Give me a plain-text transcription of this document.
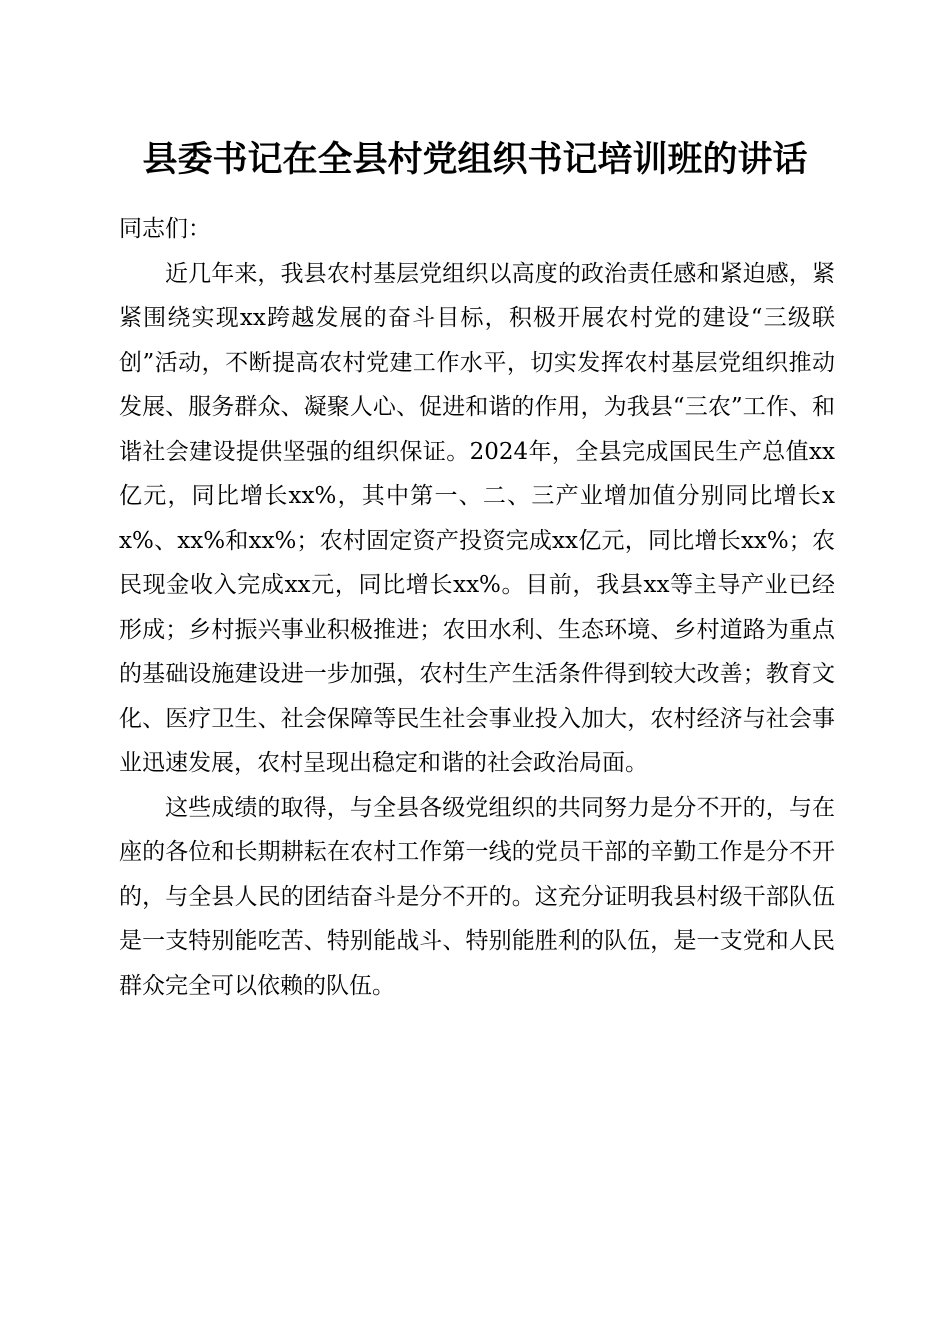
县委书记在全县村党组织书记培训班的讲话

同志们：

近几年来，我县农村基层党组织以高度的政治责任感和紧迫感，紧紧围绕实现xx跨越发展的奋斗目标，积极开展农村党的建设“三级联创”活动，不断提高农村党建工作水平，切实发挥农村基层党组织推动发展、服务群众、凝聚人心、促进和谐的作用，为我县“三农”工作、和谐社会建设提供坚强的组织保证。2024年，全县完成国民生产总值xx亿元，同比增长xx%，其中第一、二、三产业增加值分别同比增长xx%、xx%和xx%；农村固定资产投资完成xx亿元，同比增长xx%；农民现金收入完成xx元，同比增长xx%。目前，我县xx等主导产业已经形成；乡村振兴事业积极推进；农田水利、生态环境、乡村道路为重点的基础设施建设进一步加强，农村生产生活条件得到较大改善；教育文化、医疗卫生、社会保障等民生社会事业投入加大，农村经济与社会事业迅速发展，农村呈现出稳定和谐的社会政治局面。

这些成绩的取得，与全县各级党组织的共同努力是分不开的，与在座的各位和长期耕耘在农村工作第一线的党员干部的辛勤工作是分不开的，与全县人民的团结奋斗是分不开的。这充分证明我县村级干部队伍是一支特别能吃苦、特别能战斗、特别能胜利的队伍，是一支党和人民群众完全可以依赖的队伍。
